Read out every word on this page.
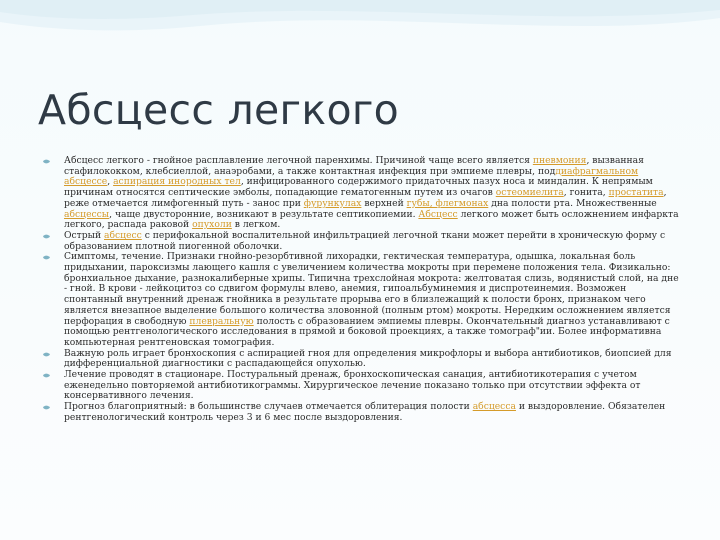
Абсцесс легкого
Абсцесс легкого - гнойное расплавление легочной паренхимы. Причиной чаще всего является пневмония, вызванная стафилококком, клебсиеллой, анаэробами, а также контактная инфекция при эмпиеме плевры, поддиафрагмальном абсцессе, аспирация инородных тел, инфицированного содержимого придаточных пазух носа и миндалин. К непрямым причинам относятся септические эмболы, попадающие гематогенным путем из очагов остеомиелита, гонита, простатита, реже отмечается лимфогенный путь - занос при фурункулах верхней губы, флегмонах дна полости рта. Множественные абсцессы, чаще двусторонние, возникают в результате септикопиемии. Абсцесс легкого может быть осложнением инфаркта легкого, распада раковой опухоли в легком.
Острый абсцесс с перифокальной воспалительной инфильтрацией легочной ткани может перейти в хроническую форму с образованием плотной пиогенной оболочки.
Симптомы, течение. Признаки гнойно-резорбтивной лихорадки, гектическая температура, одышка, локальная боль придыхании, пароксизмы лающего кашля с увеличением количества мокроты при перемене положения тела. Физикально: бронхиальное дыхание, разнокалиберные хрипы. Типична трехслойная мокрота: желтоватая слизь, водянистый слой, на дне - гной. В крови - лейкоцитоз со сдвигом формулы влево, анемия, гипоальбуминемия и диспротеинемия. Возможен спонтанный внутренний дренаж гнойника в результате прорыва его в близлежащий к полости бронх, признаком чего является внезапное выделение большого количества зловонной (полным ртом) мокроты. Нередким осложнением является перфорация в свободную плевральную полость с образованием эмпиемы плевры. Окончательный диагноз устанавливают с помощью рентгенологического исследования в прямой и боковой проекциях, а также томограф"ии. Более информативна компьютерная рентгеновская томография.
Важную роль играет бронхоскопия с аспирацией гноя для определения микрофлоры и выбора антибиотиков, биопсией для дифференциальной диагностики с распадающейся опухолью.
Лечение проводят в стационаре. Постуральный дренаж, бронхоскопическая санация, антибиотикотерапия с учетом еженедельно повторяемой антибиотикограммы. Хирургическое лечение показано только при отсутствии эффекта от консервативного лечения.
Прогноз благоприятный: в большинстве случаев отмечается облитерация полости абсцесса и выздоровление. Обязателен рентгенологический контроль через 3 и 6 мес после выздоровления.
